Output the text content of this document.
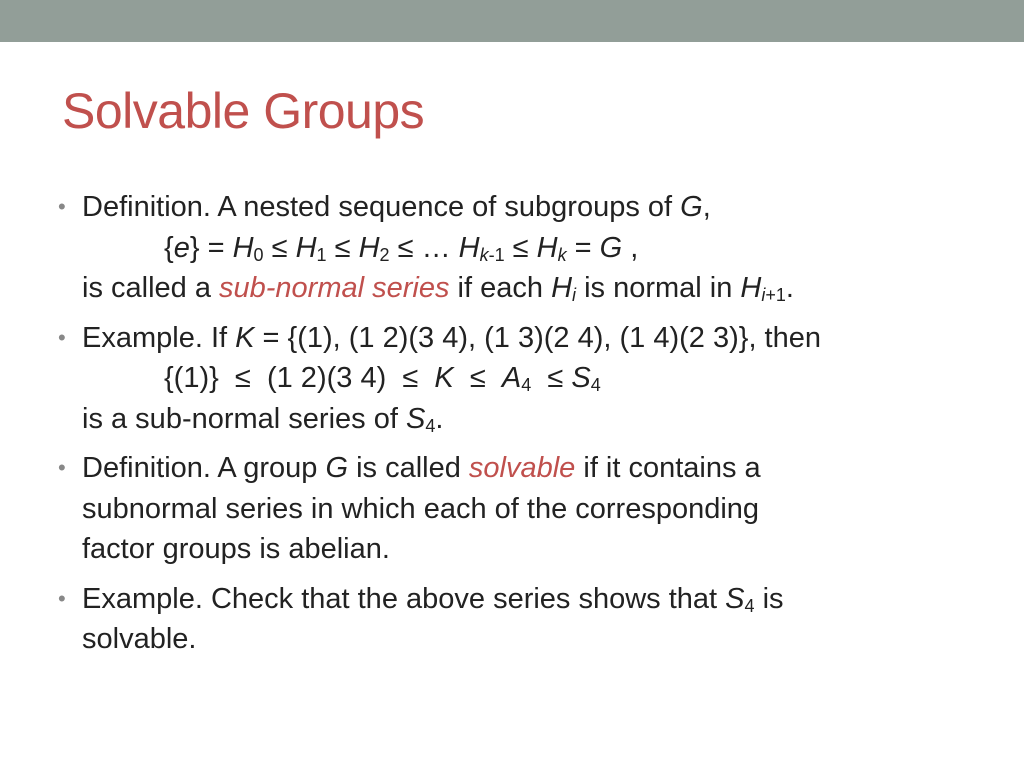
Solvable Groups
• Definition. A nested sequence of subgroups of G,
$\{e\} = H_0 \le H_1 \le H_2$ ≤ … $H_{k-1} \le H_k = G$ ,
is called a sub-normal series if each $H_i$ is normal in $H_{i+1}$.
• Example. If K = {(1), (1 2)(3 4), (1 3)(2 4), (1 4)(2 3)}, then
{(1)}  ≤  (1 2)(3 $4) \le K \le A_4 \le S_4$
is a sub-normal series of $S_4$.
• Definition. A group G is called solvable if it contains a
subnormal series in which each of the corresponding
factor groups is abelian.
• Example. Check that the above series shows that $S_4$ is
solvable.
